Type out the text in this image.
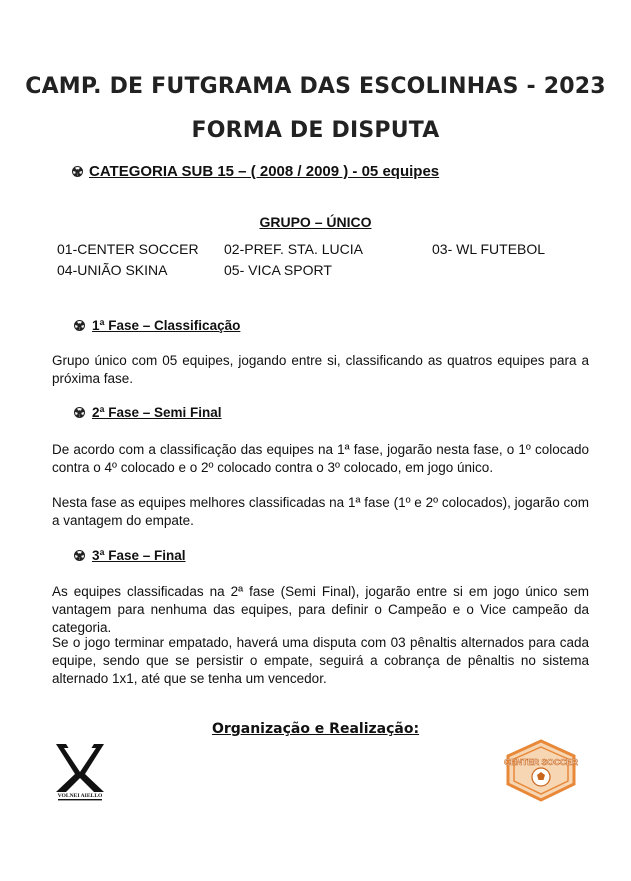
CAMP. DE FUTGRAMA DAS ESCOLINHAS - 2023
FORMA DE DISPUTA
CATEGORIA SUB 15 – ( 2008 / 2009 ) - 05 equipes
GRUPO – ÚNICO
01-CENTER SOCCER 02-PREF. STA. LUCIA	03- WL FUTEBOL
04-UNIÃO SKINA	05- VICA SPORT
1ª Fase – Classificação

Grupo único com 05 equipes, jogando entre si, classificando as quatros equipes para a próxima fase.

2ª Fase – Semi Final

De acordo com a classificação das equipes na 1ª fase, jogarão nesta fase, o 1º colocado contra o 4º colocado e o 2º colocado contra o 3º colocado, em jogo único.

Nesta fase as equipes melhores classificadas na 1ª fase (1º e 2º colocados), jogarão com a vantagem do empate.

3ª Fase – Final

As equipes classificadas na 2ª fase (Semi Final), jogarão entre si em jogo único sem vantagem para nenhuma das equipes, para definir o Campeão e o Vice campeão da categoria.

Se o jogo terminar empatado, haverá uma disputa com 03 pênaltis alternados para cada equipe, sendo que se persistir o empate, seguirá a cobrança de pênaltis no sistema alternado 1x1, até que se tenha um vencedor.

Organização e Realização:
VOLNEI AIELLO
CENTER SOCCER
